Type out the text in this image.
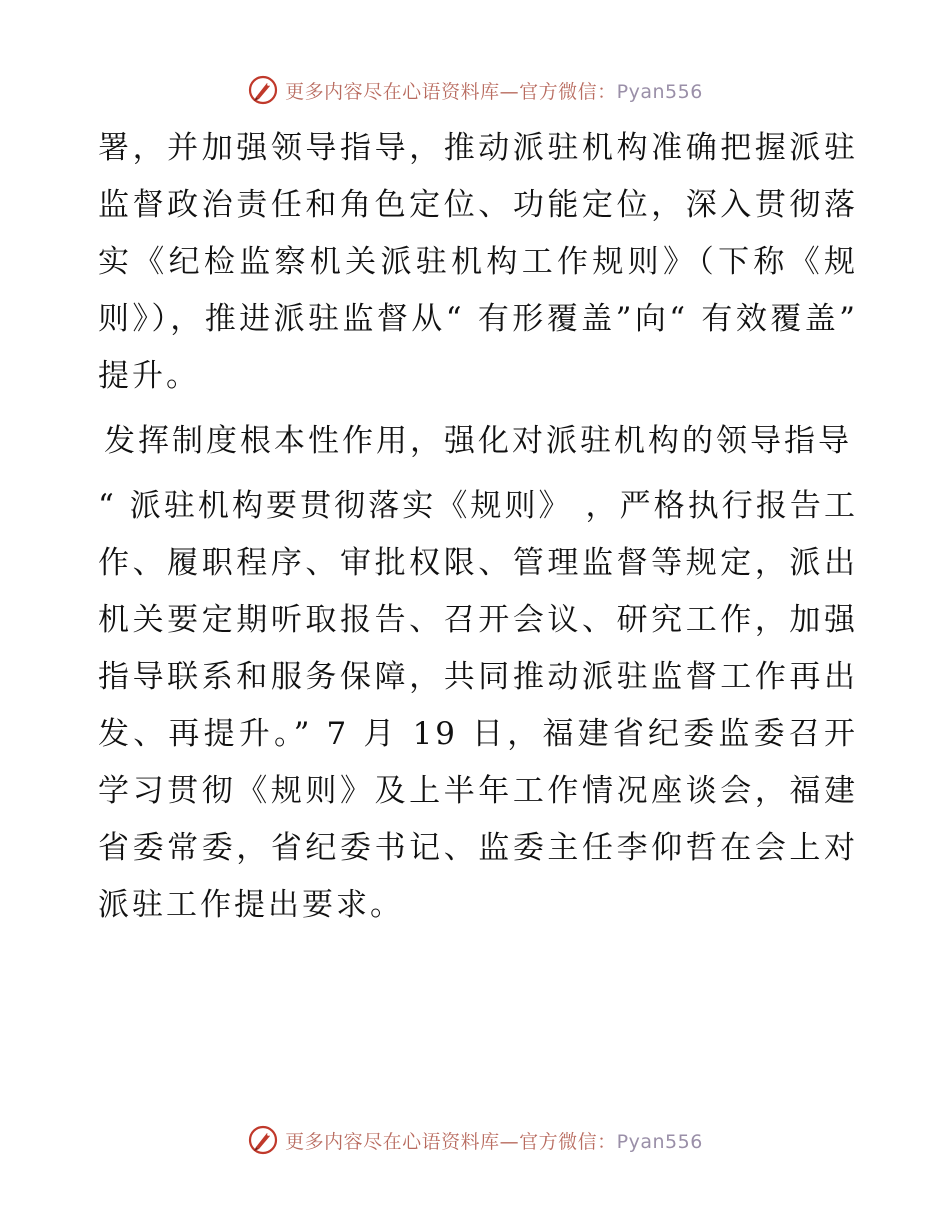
更多内容尽在心语资料库—官方微信：Pyan556

署，并加强领导指导，推动派驻机构准确把握派驻监督政治责任和角色定位、功能定位，深入贯彻落实《纪检监察机关派驻机构工作规则》（下称《规则》），推进派驻监督从“ 有形覆盖”向“ 有效覆盖” 提升。

发挥制度根本性作用，强化对派驻机构的领导指导

“ 派驻机构要贯彻落实《规则》 ，严格执行报告工作、履职程序、审批权限、管理监督等规定，派出机关要定期听取报告、召开会议、研究工作，加强指导联系和服务保障，共同推动派驻监督工作再出发、再提升。” 7 月 19 日，福建省纪委监委召开学习贯彻《规则》及上半年工作情况座谈会，福建省委常委，省纪委书记、监委主任李仰哲在会上对派驻工作提出要求。

更多内容尽在心语资料库—官方微信：Pyan556
